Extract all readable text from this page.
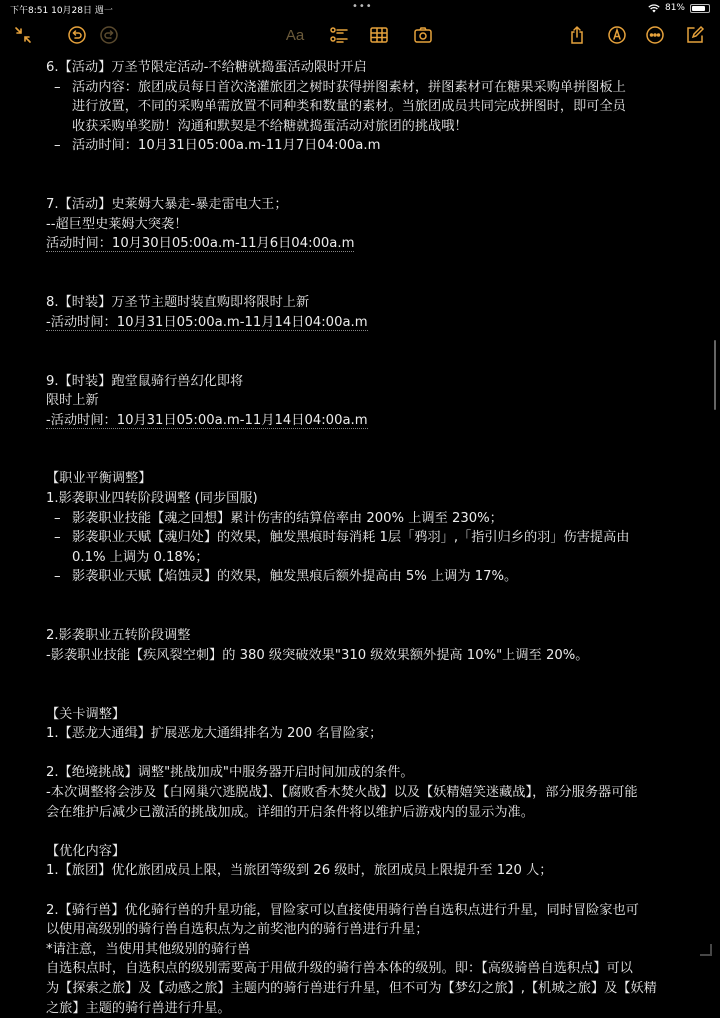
下午8:51 10月28日 週一	•••	81%
Aa
6.【活动】万圣节限定活动-不给糖就捣蛋活动限时开启
– 活动内容：旅团成员每日首次浇灌旅团之树时获得拼图素材，拼图素材可在糖果采购单拼图板上
进行放置，不同的采购单需放置不同种类和数量的素材。当旅团成员共同完成拼图时，即可全员
收获采购单奖励！沟通和默契是不给糖就捣蛋活动对旅团的挑战哦！
– 活动时间：10月31日05:00a.m-11月7日04:00a.m
7.【活动】史莱姆大暴走-暴走雷电大王；
--超巨型史莱姆大突袭！
活动时间：10月30日05:00a.m-11月6日04:00a.m
8.【时装】万圣节主题时装直购即将限时上新
-活动时间：10月31日05:00a.m-11月14日04:00a.m
9.【时装】跑堂鼠骑行兽幻化即将
限时上新
-活动时间：10月31日05:00a.m-11月14日04:00a.m
【职业平衡调整】
1.影袭职业四转阶段调整 (同步国服)
– 影袭职业技能【魂之回想】累计伤害的结算倍率由 200% 上调至 230%；
– 影袭职业天赋【魂归处】的效果，触发黑痕时每消耗 1层「鸦羽」,「指引归乡的羽」伤害提高由
0.1% 上调为 0.18%；
– 影袭职业天赋【焰蚀灵】的效果，触发黑痕后额外提高由 5% 上调为 17%。
2.影袭职业五转阶段调整
-影袭职业技能【疾风裂空刺】的 380 级突破效果"310 级效果额外提高 10%"上调至 20%。
【关卡调整】
1.【恶龙大通缉】扩展恶龙大通缉排名为 200 名冒险家；
2.【绝境挑战】调整"挑战加成"中服务器开启时间加成的条件。
-本次调整将会涉及【白网巢穴逃脱战】、【腐败香木焚火战】以及【妖精嬉笑迷藏战】，部分服务器可能
会在维护后减少已激活的挑战加成。详细的开启条件将以维护后游戏内的显示为准。
【优化内容】
1.【旅团】优化旅团成员上限，当旅团等级到 26 级时，旅团成员上限提升至 120 人；
2.【骑行兽】优化骑行兽的升星功能，冒险家可以直接使用骑行兽自选积点进行升星，同时冒险家也可
以使用高级别的骑行兽自选积点为之前奖池内的骑行兽进行升星；
*请注意，当使用其他级别的骑行兽
自选积点时，自选积点的级别需要高于用做升级的骑行兽本体的级别。即：【高级骑兽自选积点】可以
为【探索之旅】及【动感之旅】主题内的骑行兽进行升星，但不可为【梦幻之旅】,【机城之旅】及【妖精
之旅】主题的骑行兽进行升星。
